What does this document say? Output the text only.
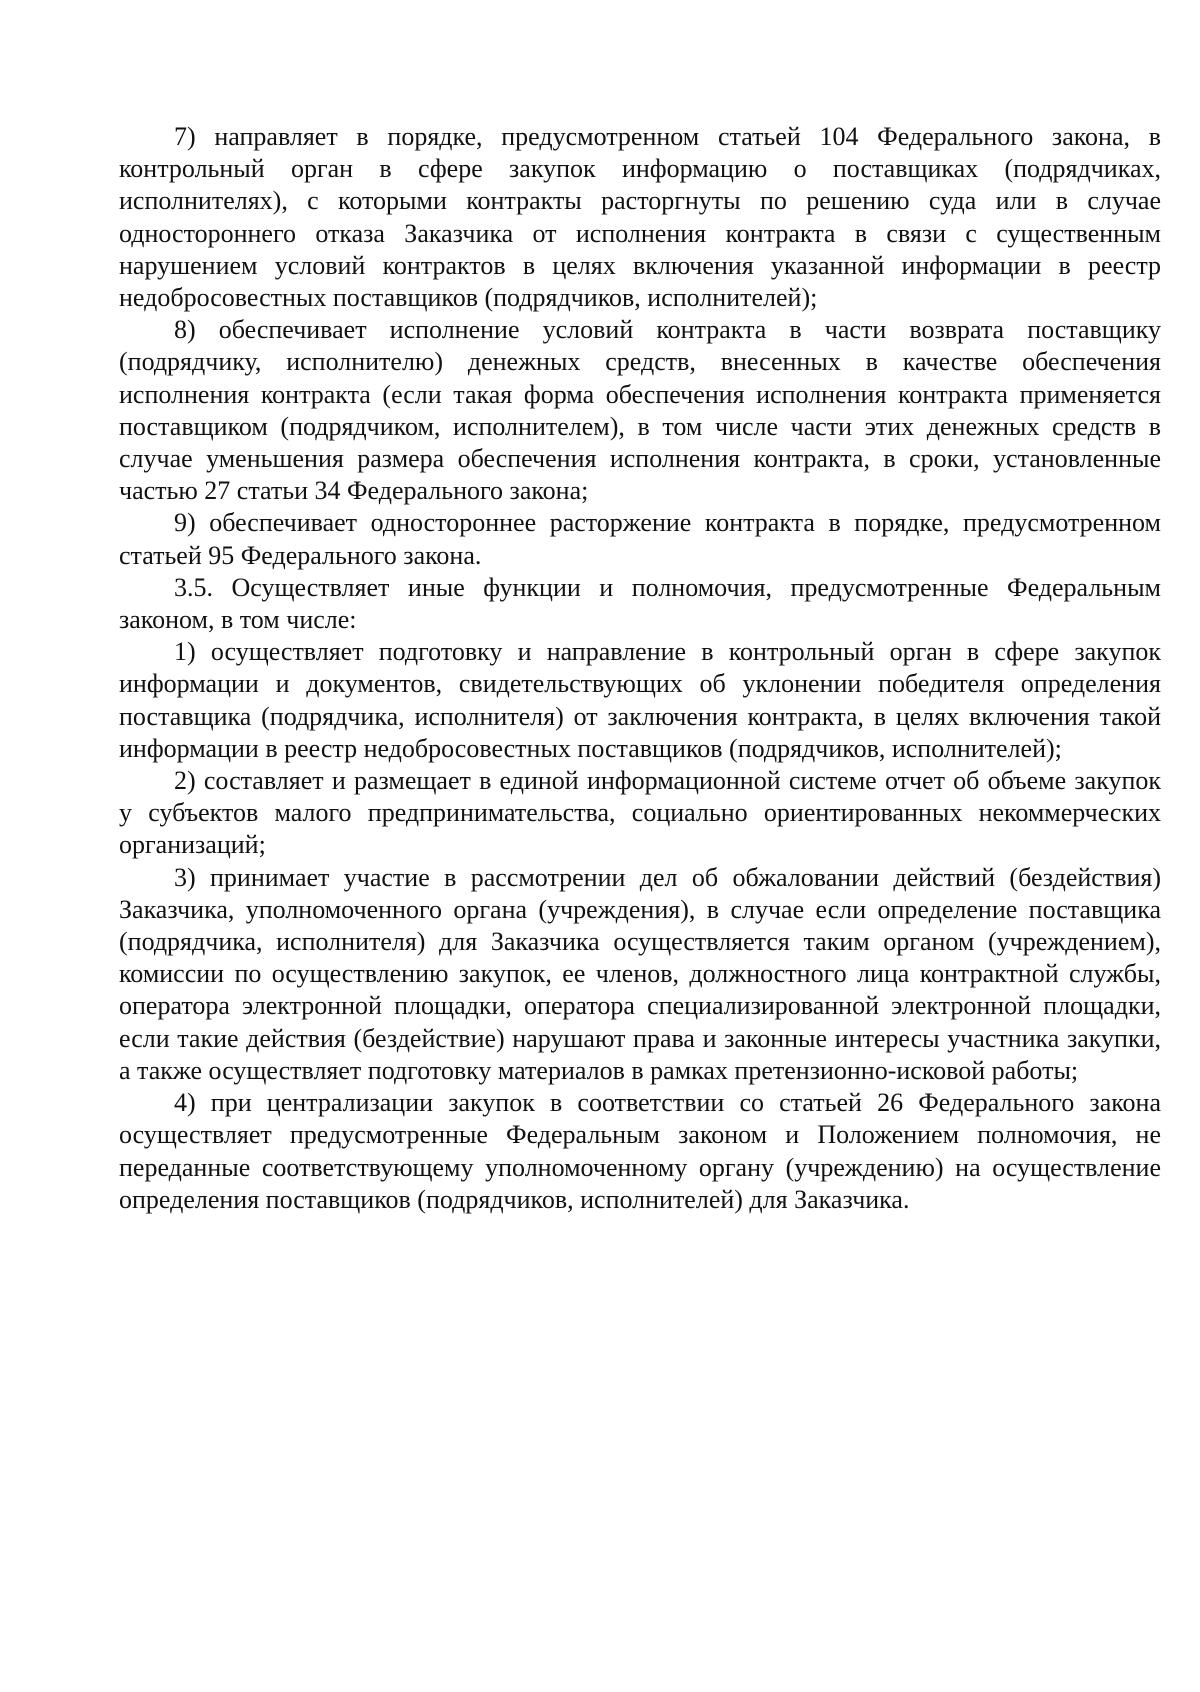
7) направляет в порядке, предусмотренном статьей 104 Федерального закона, в контрольный орган в сфере закупок информацию о поставщиках (подрядчиках, исполнителях), с которыми контракты расторгнуты по решению суда или в случае одностороннего отказа Заказчика от исполнения контракта в связи с существенным нарушением условий контрактов в целях включения указанной информации в реестр недобросовестных поставщиков (подрядчиков, исполнителей);

8) обеспечивает исполнение условий контракта в части возврата поставщику (подрядчику, исполнителю) денежных средств, внесенных в качестве обеспечения исполнения контракта (если такая форма обеспечения исполнения контракта применяется поставщиком (подрядчиком, исполнителем), в том числе части этих денежных средств в случае уменьшения размера обеспечения исполнения контракта, в сроки, установленные частью 27 статьи 34 Федерального закона;

9) обеспечивает одностороннее расторжение контракта в порядке, предусмотренном статьей 95 Федерального закона.

3.5. Осуществляет иные функции и полномочия, предусмотренные Федеральным законом, в том числе:

1) осуществляет подготовку и направление в контрольный орган в сфере закупок информации и документов, свидетельствующих об уклонении победителя определения поставщика (подрядчика, исполнителя) от заключения контракта, в целях включения такой информации в реестр недобросовестных поставщиков (подрядчиков, исполнителей);

2) составляет и размещает в единой информационной системе отчет об объеме закупок у субъектов малого предпринимательства, социально ориентированных некоммерческих организаций;

3) принимает участие в рассмотрении дел об обжаловании действий (бездействия) Заказчика, уполномоченного органа (учреждения), в случае если определение поставщика (подрядчика, исполнителя) для Заказчика осуществляется таким органом (учреждением), комиссии по осуществлению закупок, ее членов, должностного лица контрактной службы, оператора электронной площадки, оператора специализированной электронной площадки, если такие действия (бездействие) нарушают права и законные интересы участника закупки, а также осуществляет подготовку материалов в рамках претензионно-исковой работы;

4) при централизации закупок в соответствии со статьей 26 Федерального закона осуществляет предусмотренные Федеральным законом и Положением полномочия, не переданные соответствующему уполномоченному органу (учреждению) на осуществление определения поставщиков (подрядчиков, исполнителей) для Заказчика.
